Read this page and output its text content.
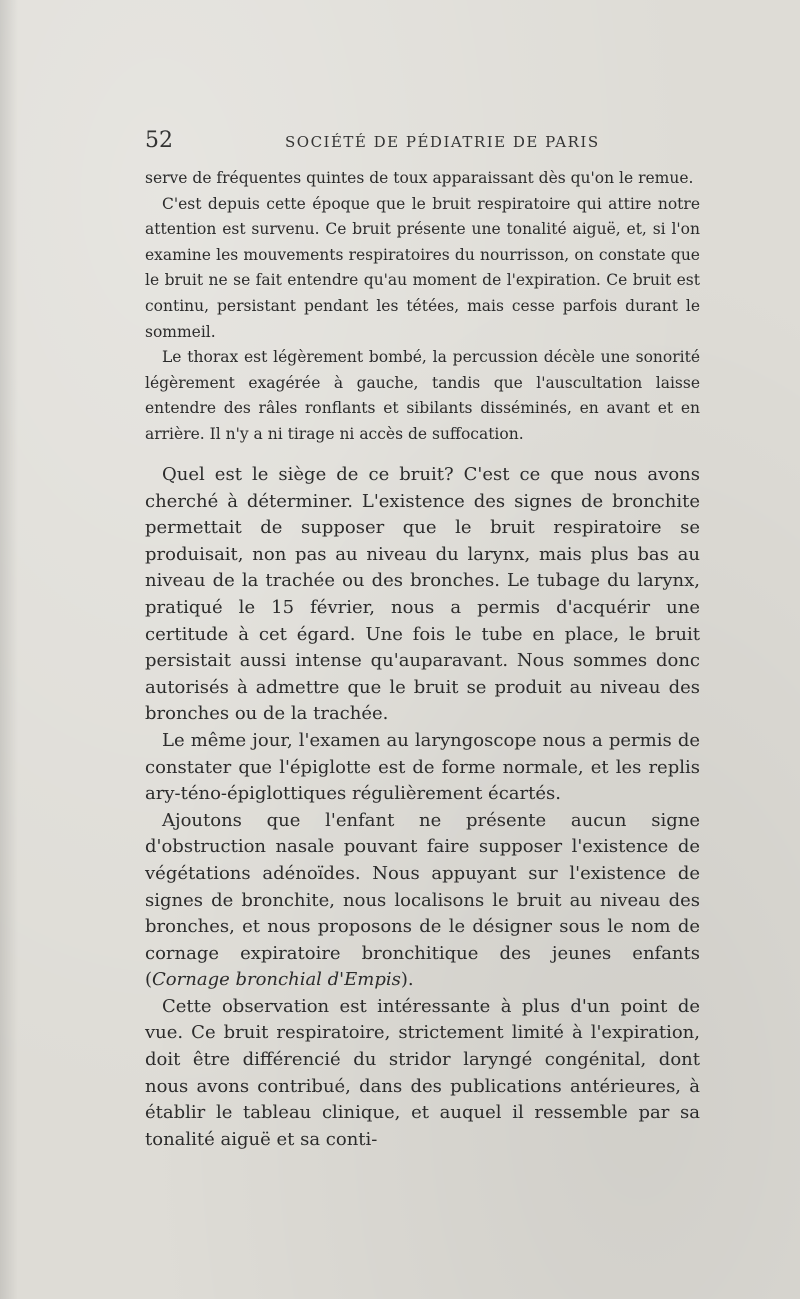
52	SOCIÉTÉ DE PÉDIATRIE DE PARIS

serve de fréquentes quintes de toux apparaissant dès qu'on le remue.

C'est depuis cette époque que le bruit respiratoire qui attire notre attention est survenu. Ce bruit présente une tonalité aiguë, et, si l'on examine les mouvements respiratoires du nourrisson, on constate que le bruit ne se fait entendre qu'au moment de l'expiration. Ce bruit est continu, persistant pendant les tétées, mais cesse parfois durant le sommeil.

Le thorax est légèrement bombé, la percussion décèle une sonorité légèrement exagérée à gauche, tandis que l'auscultation laisse entendre des râles ronflants et sibilants disséminés, en avant et en arrière. Il n'y a ni tirage ni accès de suffocation.

Quel est le siège de ce bruit? C'est ce que nous avons cherché à déterminer. L'existence des signes de bronchite permettait de supposer que le bruit respiratoire se produisait, non pas au niveau du larynx, mais plus bas au niveau de la trachée ou des bronches. Le tubage du larynx, pratiqué le 15 février, nous a permis d'acquérir une certitude à cet égard. Une fois le tube en place, le bruit persistait aussi intense qu'auparavant. Nous sommes donc autorisés à admettre que le bruit se produit au niveau des bronches ou de la trachée.

Le même jour, l'examen au laryngoscope nous a permis de constater que l'épiglotte est de forme normale, et les replis ary-téno-épiglottiques régulièrement écartés.

Ajoutons que l'enfant ne présente aucun signe d'obstruction nasale pouvant faire supposer l'existence de végétations adénoïdes. Nous appuyant sur l'existence de signes de bronchite, nous localisons le bruit au niveau des bronches, et nous proposons de le désigner sous le nom de cornage expiratoire bronchitique des jeunes enfants (Cornage bronchial d'Empis).

Cette observation est intéressante à plus d'un point de vue. Ce bruit respiratoire, strictement limité à l'expiration, doit être différencié du stridor laryngé congénital, dont nous avons contribué, dans des publications antérieures, à établir le tableau clinique, et auquel il ressemble par sa tonalité aiguë et sa conti-
